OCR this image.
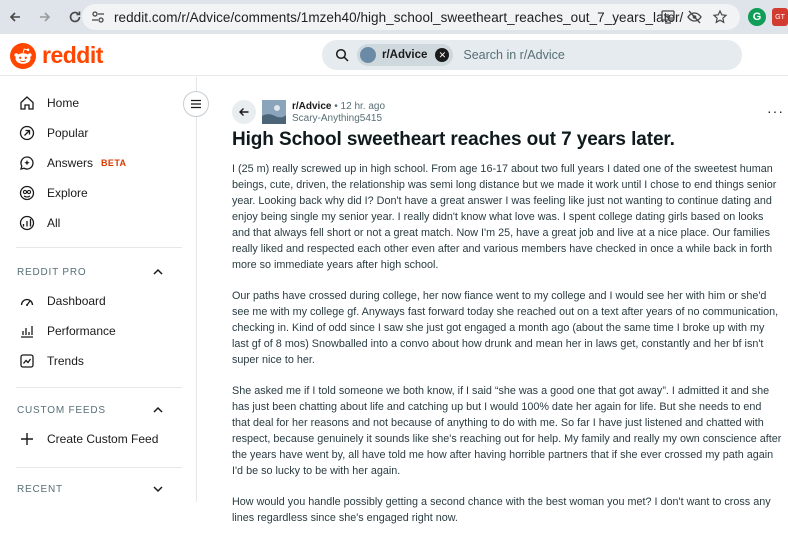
reddit.com/r/Advice/comments/1mzeh40/high_school_sweetheart_reaches_out_7_years_later/	G	GT
reddit	r/Advice	✕ Search in r/Advice
Home
Popular
Answers BETA
Explore
All
REDDIT PRO
Dashboard
Performance
Trends
CUSTOM FEEDS
Create Custom Feed
RECENT
r/Advice • 12 hr. ago
Scary-Anything5415	···
High School sweetheart reaches out 7 years later.

I (25 m) really screwed up in high school. From age 16-17 about two full years I dated one of the sweetest human beings, cute, driven, the relationship was semi long distance but we made it work until I chose to end things senior year. Looking back why did I? Don't have a great answer I was feeling like just not wanting to continue dating and enjoy being single my senior year. I really didn't know what love was. I spent college dating girls based on looks and that always fell short or not a great match. Now I'm 25, have a great job and live at a nice place. Our families really liked and respected each other even after and various members have checked in once a while back in forth more so immediate years after high school.

Our paths have crossed during college, her now fiance went to my college and I would see her with him or she'd see me with my college gf. Anyways fast forward today she reached out on a text after years of no communication, checking in. Kind of odd since I saw she just got engaged a month ago (about the same time I broke up with my last gf of 8 mos) Snowballed into a convo about how drunk and mean her in laws get, constantly and her bf isn't super nice to her.

She asked me if I told someone we both know, if I said “she was a good one that got away”. I admitted it and she has just been chatting about life and catching up but I would 100% date her again for life. But she needs to end that deal for her reasons and not because of anything to do with me. So far I have just listened and chatted with respect, because genuinely it sounds like she's reaching out for help. My family and really my own conscience after the years have went by, all have told me how after having horrible partners that if she ever crossed my path again I'd be so lucky to be with her again.

How would you handle possibly getting a second chance with the best woman you met? I don't want to cross any lines regardless since she's engaged right now.
